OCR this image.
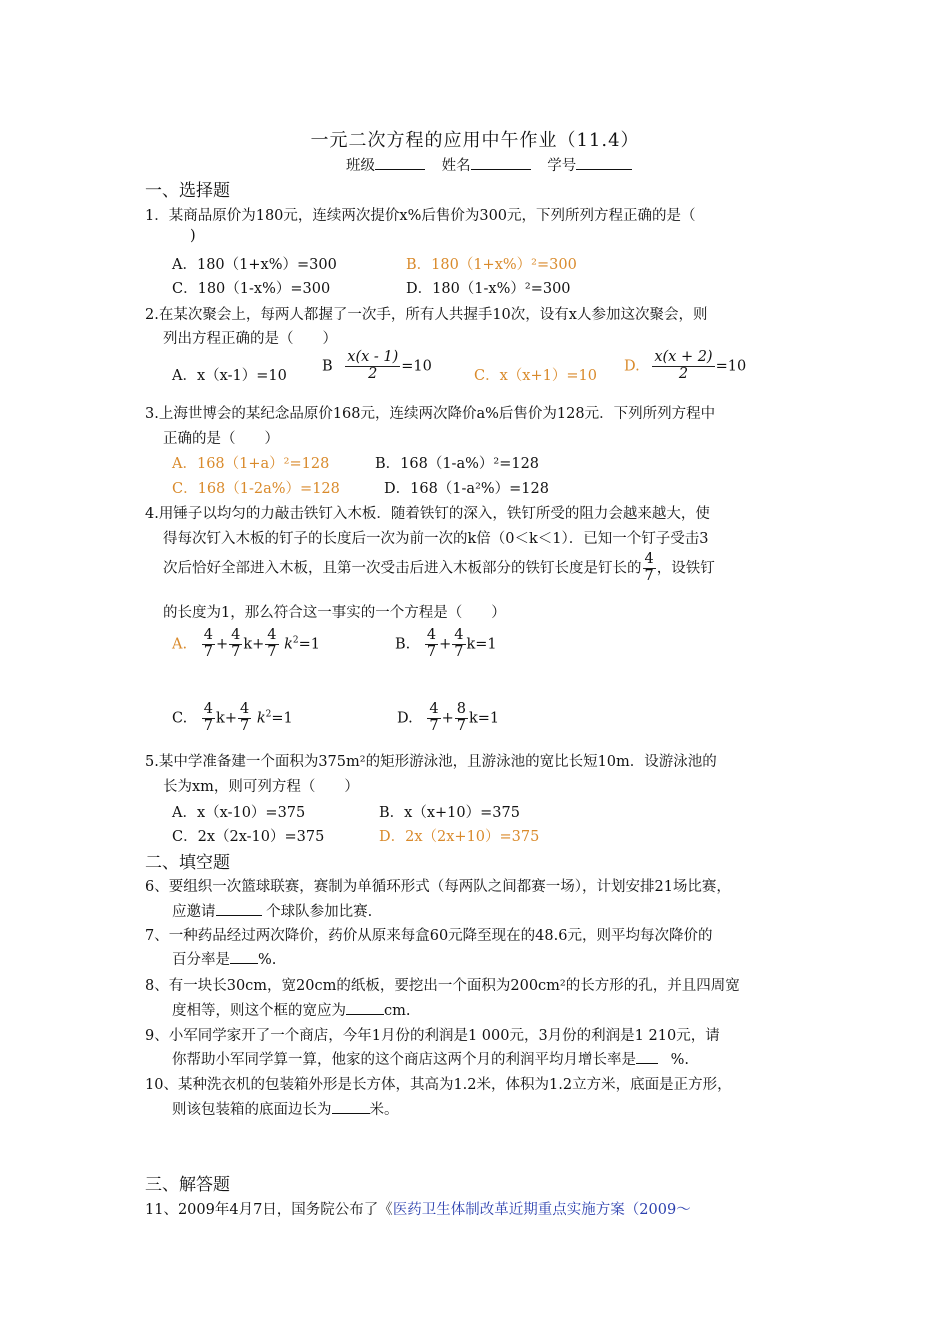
一元二次方程的应用中午作业（11.4）
班级	姓名	学号
一、选择题
1．某商品原价为180元，连续两次提价x%后售价为300元，下列所列方程正确的是（
)
A．180（1+x%）=300	B．180（1+x%）²=300
C．180（1-x%）=300	D．180（1-x%）²=300
2.在某次聚会上，每两人都握了一次手，所有人共握手10次，设有x人参加这次聚会，则
列出方程正确的是（　　）
A．x（x-1）=10
B $\frac{x(x - 1)}{2} =10$
C．x（x+1）=10
D. $\frac{x(x + 2)}{2} =10$
3.上海世博会的某纪念品原价168元，连续两次降价a%后售价为128元．下列所列方程中
正确的是（　　）
A．168（1+a）²=128	B．168（1-a%）²=128
C．168（1-2a%）=128	D．168（1-a²%）=128
4.用锤子以均匀的力敲击铁钉入木板．随着铁钉的深入，铁钉所受的阻力会越来越大，使
得每次钉入木板的钉子的长度后一次为前一次的k倍（0＜k＜1）．已知一个钉子受击3
次后恰好全部进入木板，且第一次受击后进入木板部分的铁钉长度是钉长的 $\frac{4}{7}$ ，设铁钉
的长度为1，那么符合这一事实的一个方程是（　　）
A. $\frac{4}{7} + \frac{4}{7} k+ \frac{4}{7} k^2=1$	B. $\frac{4}{7} + \frac{4}{7} k=1$
C. $\frac{4}{7} k+ \frac{4}{7} k^2=1$	D. $\frac{4}{7} + \frac{8}{7} k=1$
5.某中学准备建一个面积为375m²的矩形游泳池，且游泳池的宽比长短10m．设游泳池的
长为xm，则可列方程（　　）
A．x（x-10）=375	B．x（x+10）=375
C．2x（2x-10）=375	D．2x（2x+10）=375
二、填空题
6、要组织一次篮球联赛，赛制为单循环形式（每两队之间都赛一场），计划安排21场比赛，
应邀请	个球队参加比赛.
7、一种药品经过两次降价，药价从原来每盒60元降至现在的48.6元，则平均每次降价的
百分率是 %.
8、有一块长30cm，宽20cm的纸板，要挖出一个面积为200cm²的长方形的孔，并且四周宽
度相等，则这个框的宽应为	cm.
9、小军同学家开了一个商店，今年1月份的利润是1 000元，3月份的利润是1 210元，请
你帮助小军同学算一算，他家的这个商店这两个月的利润平均月增长率是 %.
10、某种洗衣机的包装箱外形是长方体，其高为1.2米，体积为1.2立方米，底面是正方形，
则该包装箱的底面边长为	米。
三、解答题
11、2009年4月7日，国务院公布了《医药卫生体制改革近期重点实施方案（2009～
